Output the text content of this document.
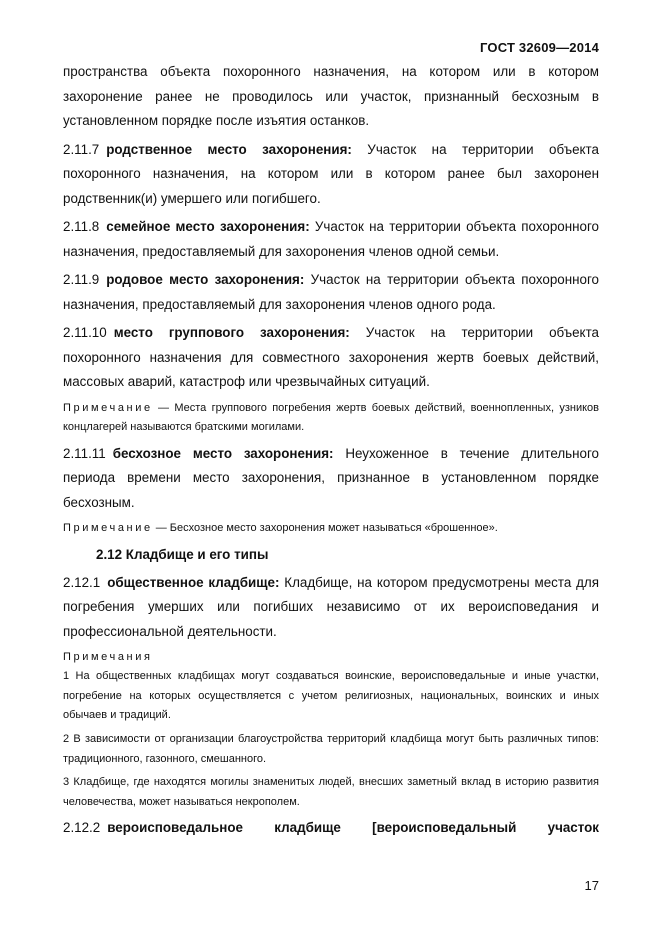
ГОСТ 32609—2014

пространства объекта похоронного назначения, на котором или в котором захоронение ранее не проводилось или участок, признанный бесхозным в установленном порядке после изъятия останков.

2.11.7 родственное место захоронения: Участок на территории объекта похоронного назначения, на котором или в котором ранее был захоронен родственник(и) умершего или погибшего.

2.11.8 семейное место захоронения: Участок на территории объекта похоронного назначения, предоставляемый для захоронения членов одной семьи.

2.11.9 родовое место захоронения: Участок на территории объекта похоронного назначения, предоставляемый для захоронения членов одного рода.

2.11.10 место группового захоронения: Участок на территории объекта похоронного назначения для совместного захоронения жертв боевых действий, массовых аварий, катастроф или чрезвычайных ситуаций.

Примечание — Места группового погребения жертв боевых действий, военнопленных, узников концлагерей называются братскими могилами.

2.11.11 бесхозное место захоронения: Неухоженное в течение длительного периода времени место захоронения, признанное в установленном порядке бесхозным.

Примечание — Бесхозное место захоронения может называться «брошенное».

2.12 Кладбище и его типы

2.12.1 общественное кладбище: Кладбище, на котором предусмотрены места для погребения умерших или погибших независимо от их вероисповедания и профессиональной деятельности.

Примечания

1 На общественных кладбищах могут создаваться воинские, вероисповедальные и иные участки, погребение на которых осуществляется с учетом религиозных, национальных, воинских и иных обычаев и традиций.

2 В зависимости от организации благоустройства территорий кладбища могут быть различных типов: традиционного, газонного, смешанного.

3 Кладбище, где находятся могилы знаменитых людей, внесших заметный вклад в историю развития человечества, может называться некрополем.

2.12.2 вероисповедальное кладбище [вероисповедальный участок

17
